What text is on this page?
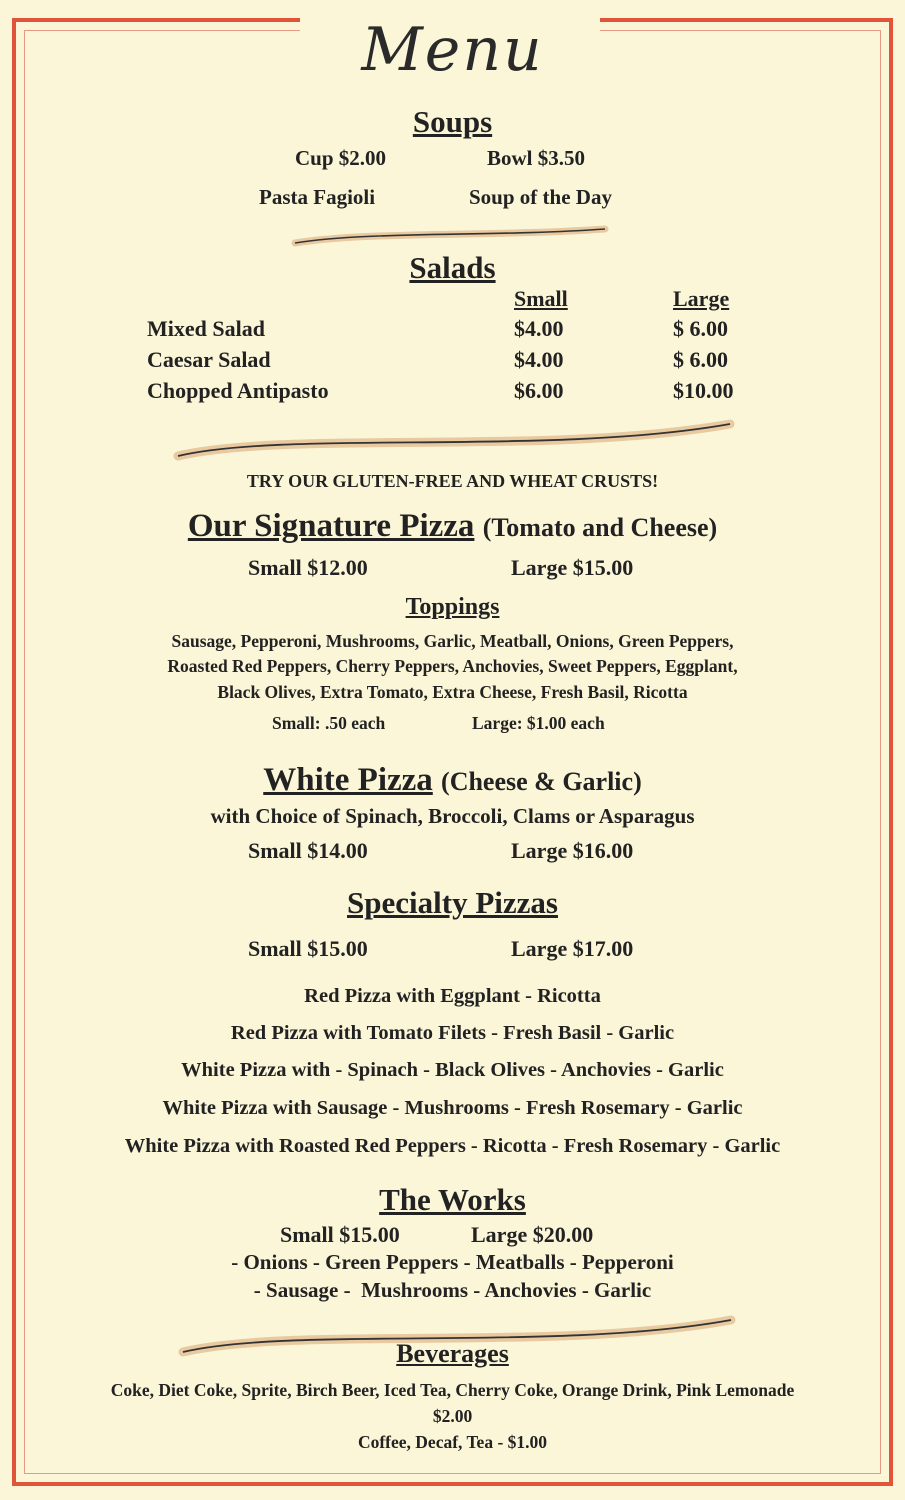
Menu
Soups
Cup $2.00	Bowl $3.50
Pasta Fagioli	Soup of the Day
Salads
Small	Large
Mixed Salad	$4.00	$ 6.00
Caesar Salad	$4.00	$ 6.00
Chopped Antipasto	$6.00	$10.00
TRY OUR GLUTEN-FREE AND WHEAT CRUSTS!
Our Signature Pizza (Tomato and Cheese)
Small $12.00	Large $15.00
Toppings
Sausage, Pepperoni, Mushrooms, Garlic, Meatball, Onions, Green Peppers,
Roasted Red Peppers, Cherry Peppers, Anchovies, Sweet Peppers, Eggplant,
Black Olives, Extra Tomato, Extra Cheese, Fresh Basil, Ricotta
Small: .50 each	Large: $1.00 each
White Pizza (Cheese & Garlic)
with Choice of Spinach, Broccoli, Clams or Asparagus
Small $14.00	Large $16.00
Specialty Pizzas
Small $15.00	Large $17.00
Red Pizza with Eggplant - Ricotta
Red Pizza with Tomato Filets - Fresh Basil - Garlic
White Pizza with - Spinach - Black Olives - Anchovies - Garlic
White Pizza with Sausage - Mushrooms - Fresh Rosemary - Garlic
White Pizza with Roasted Red Peppers - Ricotta - Fresh Rosemary - Garlic
The Works
Small $15.00	Large $20.00
- Onions - Green Peppers - Meatballs - Pepperoni
- Sausage -  Mushrooms - Anchovies - Garlic
Beverages
Coke, Diet Coke, Sprite, Birch Beer, Iced Tea, Cherry Coke, Orange Drink, Pink Lemonade
$2.00
Coffee, Decaf, Tea - $1.00
